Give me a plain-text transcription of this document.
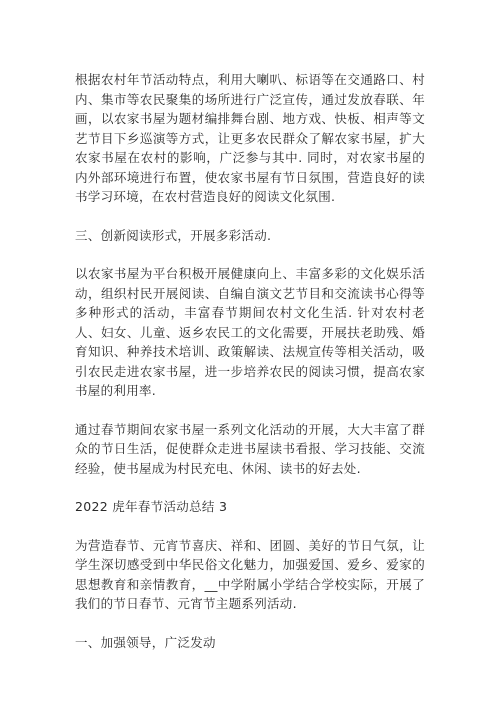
根据农村年节活动特点，利用大喇叭、标语等在交通路口、村内、集市等农民聚集的场所进行广泛宣传，通过发放春联、年画，以农家书屋为题材编排舞台剧、地方戏、快板、相声等文艺节目下乡巡演等方式，让更多农民群众了解农家书屋，扩大农家书屋在农村的影响，广泛参与其中. 同时，对农家书屋的内外部环境进行布置，使农家书屋有节日氛围，营造良好的读书学习环境，在农村营造良好的阅读文化氛围.

三、创新阅读形式，开展多彩活动.

以农家书屋为平台积极开展健康向上、丰富多彩的文化娱乐活动，组织村民开展阅读、自编自演文艺节目和交流读书心得等多种形式的活动，丰富春节期间农村文化生活. 针对农村老人、妇女、儿童、返乡农民工的文化需要，开展扶老助残、婚育知识、种养技术培训、政策解读、法规宣传等相关活动，吸引农民走进农家书屋，进一步培养农民的阅读习惯，提高农家书屋的利用率.

通过春节期间农家书屋一系列文化活动的开展，大大丰富了群众的节日生活，促使群众走进书屋读书看报、学习技能、交流经验，使书屋成为村民充电、休闲、读书的好去处.

2022 虎年春节活动总结 3

为营造春节、元宵节喜庆、祥和、团圆、美好的节日气氛，让学生深切感受到中华民俗文化魅力，加强爱国、爱乡、爱家的思想教育和亲情教育，__中学附属小学结合学校实际，开展了我们的节日春节、元宵节主题系列活动.

一、加强领导，广泛发动
